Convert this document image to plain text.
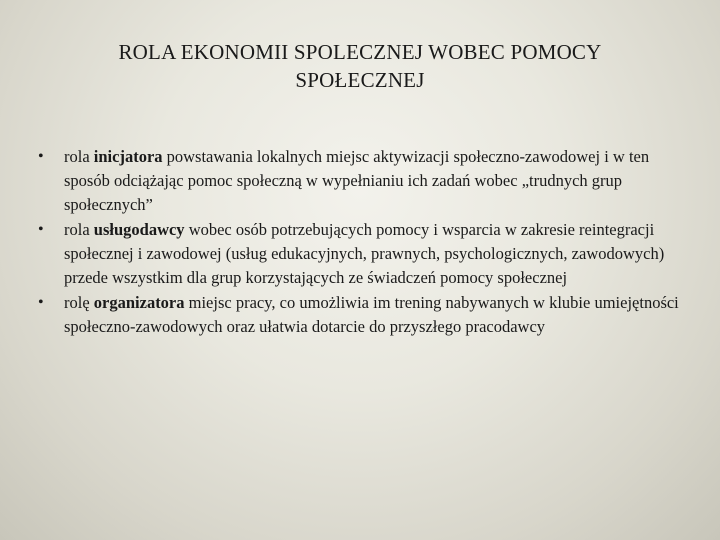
ROLA EKONOMII SPOLECZNEJ WOBEC POMOCY
SPOŁECZNEJ
• rola inicjatora powstawania lokalnych miejsc aktywizacji społeczno-zawodowej i w ten sposób odciążając pomoc społeczną w wypełnianiu ich zadań wobec „trudnych grup społecznych”
• rola usługodawcy wobec osób potrzebujących pomocy i wsparcia w zakresie reintegracji społecznej i zawodowej (usług edukacyjnych, prawnych, psychologicznych, zawodowych) przede wszystkim dla grup korzystających ze świadczeń pomocy społecznej
• rolę organizatora miejsc pracy, co umożliwia im trening nabywanych w klubie umiejętności społeczno-zawodowych oraz ułatwia dotarcie do przyszłego pracodawcy
